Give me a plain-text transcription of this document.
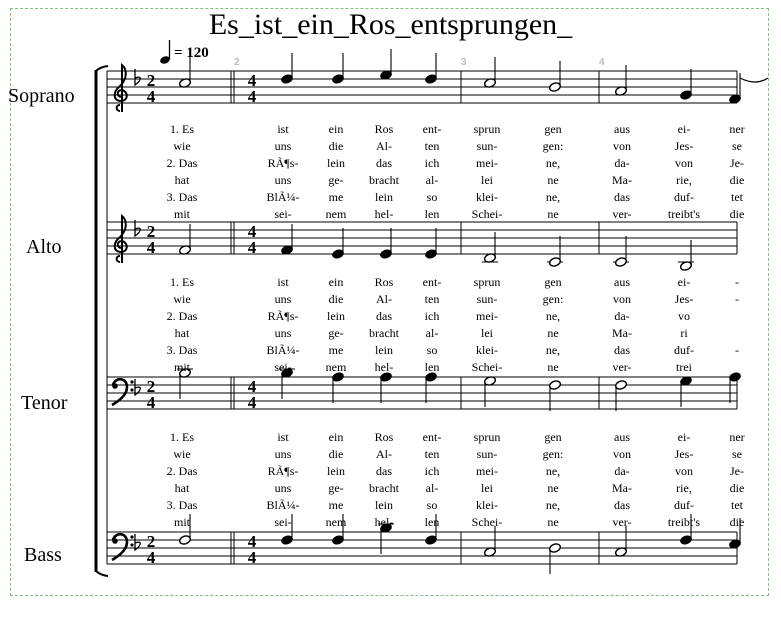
Es_ist_ein_Ros_entsprungen_
= 120
2	3	4
Soprano
Alto
Tenor
Bass
2
4
4
4
2
4
4
4
2
4
4
4
2
4
4
4
1. Es	ist	ein	Ros ent-	sprun	gen	aus	ei-	ner
wie	uns	die	Al-	ten	sun-	gen:	von	Jes-	se
2. Das	RÃ¶s- lein	das	ich	mei-	ne,	da-	von	Je-
hat	uns	ge- bracht al-	lei	ne	Ma-	rie,	die
3. Das	BlÃ¼- me	lein	so	klei-	ne,	das	duf-	tet
mit	sei-	nem hel-	len	Schei-	ne	ver-	treibt's die
1. Es	ist	ein	Ros ent-	sprun	gen	aus	ei-	-
wie	uns	die	Al-	ten	sun-	gen:	von	Jes-	-
2. Das	RÃ¶s- lein	das	ich	mei-	ne,	da-	vo
hat	uns	ge- bracht al-	lei	ne	Ma-	ri
3. Das	BlÃ¼- me	lein	so	klei-	ne,	das	duf-	-
mit	sei-	nem hel-	len	Schei-	ne	ver-	trei
1. Es	ist	ein	Ros ent-	sprun	gen	aus	ei-	ner
wie	uns	die	Al-	ten	sun-	gen:	von	Jes-	se
2. Das	RÃ¶s- lein	das	ich	mei-	ne,	da-	von	Je-
hat	uns	ge- bracht al-	lei	ne	Ma-	rie,	die
3. Das	BlÃ¼- me	lein	so	klei-	ne,	das	duf-	tet
mit	sei-	nem hel-	len	Schei-	ne	ver-	treibt's die
